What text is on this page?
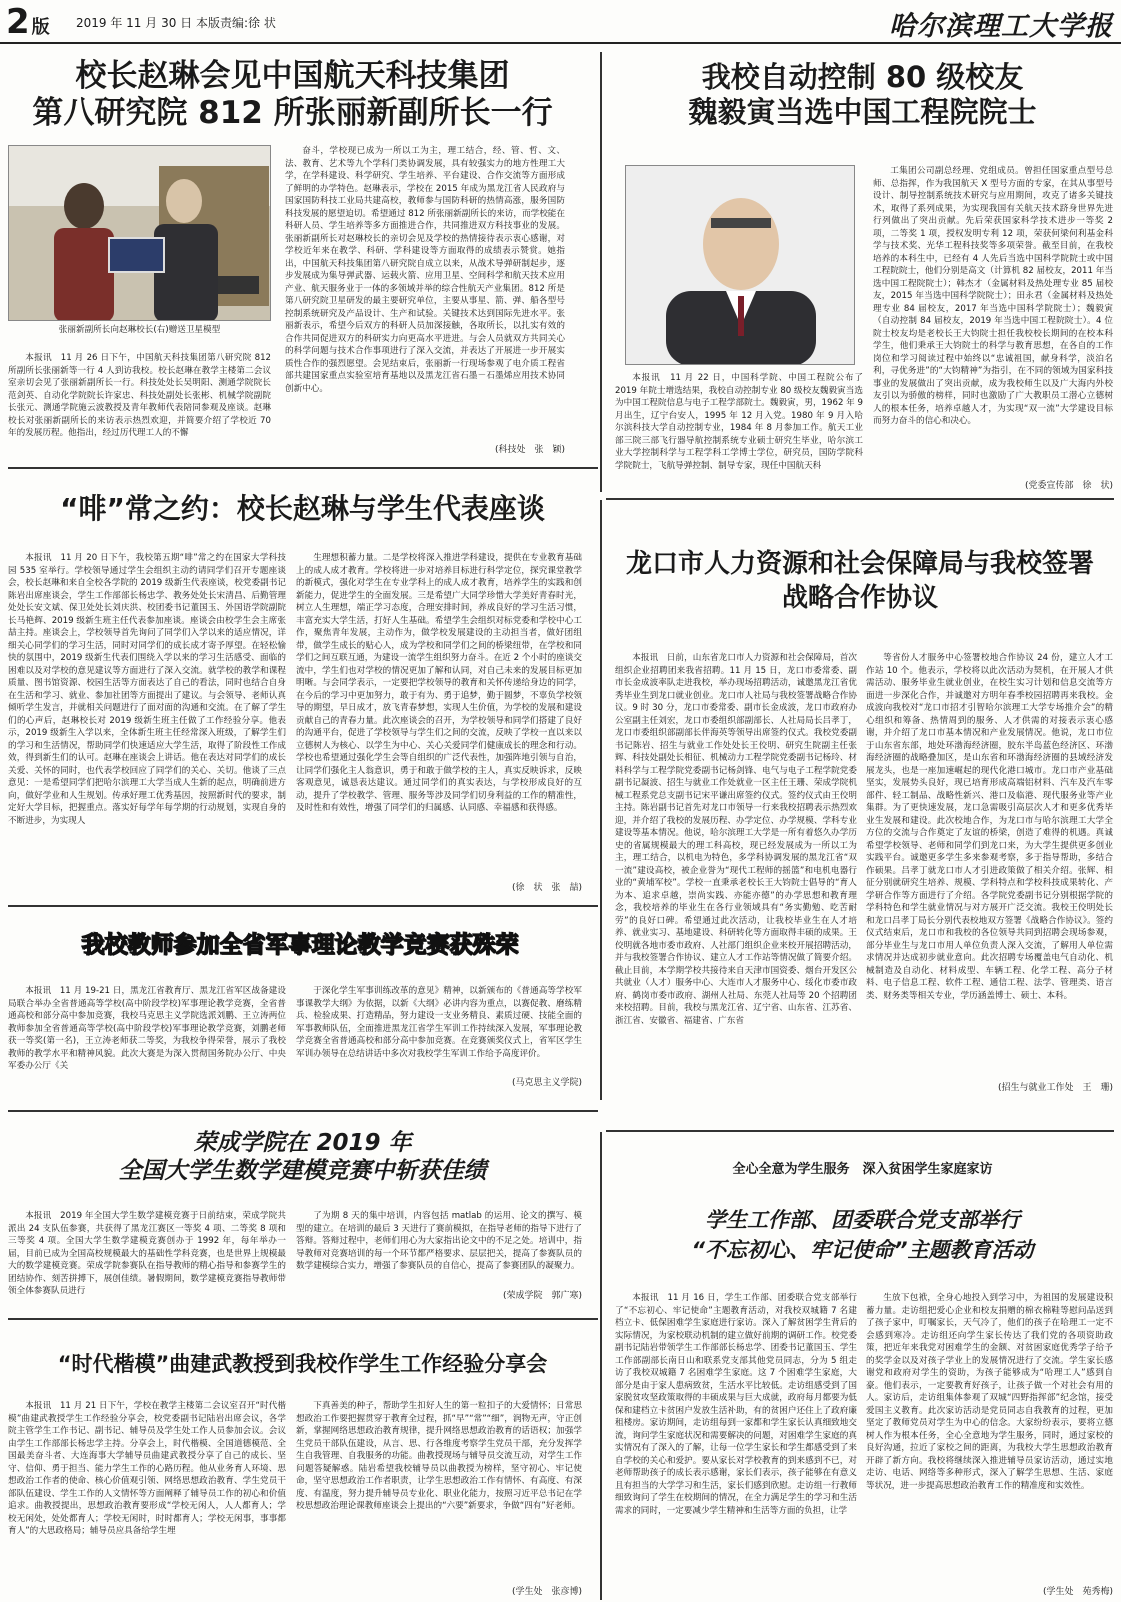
2 版 2019 年 11 月 30 日 本版责编:徐 状	哈尔滨理工大学报
校长赵琳会见中国航天科技集团
第八研究院 812 所张丽新副所长一行
张丽新副所长向赵琳校长(右)赠送卫星模型
本报讯　11 月 26 日下午，中国航天科技集团第八研究院 812 所副所长张丽新等一行 4 人到访我校。校长赵琳在教学主楼第二会议室亲切会见了张丽新副所长一行。科技处处长吴明阳、测通学院院长范剑英、自动化学院院长许家忠、科技处副处长张彬、机械学院副院长张元、测通学院施云波教授及青年教师代表陪同参观及座谈。赵琳校长对张丽新副所长的来访表示热烈欢迎，并简要介绍了学校近 70 年的发展历程。他指出，经过历代理工人的不懈
奋斗，学校现已成为一所以工为主，理工结合，经、管、哲、文、法、教育、艺术等九个学科门类协调发展，具有较强实力的地方性理工大学，在学科建设、科学研究、学生培养、平台建设、合作交流等方面形成了鲜明的办学特色。赵琳表示，学校在 2015 年成为黑龙江省人民政府与国家国防科技工业局共建高校，教师参与国防科研的热情高涨，服务国防科技发展的愿望迫切。希望通过 812 所张丽新副所长的来访，而学校能在科研人员、学生培养等多方面推进合作，共同推进双方科技事业的发展。张丽新副所长对赵琳校长的亲切会见及学校的热情接待表示衷心感谢，对学校近年来在教学、科研、学科建设等方面取得的成绩表示赞赏。她指出，中国航天科技集团第八研究院自成立以来，从战术导弹研制起步，逐步发展成为集导弹武器、运载火箭、应用卫星、空间科学和航天技术应用产业、航天服务业于一体的多领域并举的综合性航天产业集团。812 所是第八研究院卫星研发的最主要研究单位，主要从事星、箭、弹、船各型号控制系统研究及产品设计、生产和试验。关键技术达到国际先进水平。张丽新表示，希望今后双方的科研人员加深接触，各取所长，以扎实有效的合作共同促进双方的科研实力向更高水平进进。与会人员就双方共同关心的科学问题与技术合作事项进行了深入交流，并表达了开展进一步开展实质性合作的强烈愿望。会见结束后，张丽新一行现场参观了电介质工程省部共建国家重点实验室培育基地以及黑龙江省石墨－石墨烯应用技术协同创新中心。
(科技处　张　颖)
我校自动控制 80 级校友
魏毅寅当选中国工程院院士
本报讯　11 月 22 日，中国科学院、中国工程院公布了 2019 年院士增选结果，我校自动控制专业 80 级校友魏毅寅当选为中国工程院信息与电子工程学部院士。魏毅寅，男，1962 年 9 月出生，辽宁台安人，1995 年 12 月入党。1980 年 9 月入哈尔滨科技大学自动控制专业，1984 年 8 月参加工作。航天工业部三院三部飞行器导航控制系统专业硕士研究生毕业，哈尔滨工业大学控制科学与工程学科工学博士学位，研究员，国防学院科学院院士，飞航导弹控制、制导专家，现任中国航天科
工集团公司副总经理、党组成员。曾担任国家重点型号总师、总指挥，作为我国航天 X 型号方面的专家，在其从事型号设计、制导控制系统技术研究与应用期间，攻克了诸多关键技术，取得了系列成果，为实现我国有关航天技术跻身世界先进行列做出了突出贡献。先后荣获国家科学技术进步一等奖 2 项，二等奖 1 项，授权发明专利 12 项，荣获何梁何利基金科学与技术奖、光华工程科技奖等多项荣誉。截至目前，在我校培养的本科生中，已经有 4 人先后当选中国科学院院士或中国工程院院士，他们分别是高文（计算机 82 届校友，2011 年当选中国工程院院士）；韩杰才（金属材料及热处理专业 85 届校友，2015 年当选中国科学院院士）；田永君（金属材料及热处理专业 84 届校友，2017 年当选中国科学院院士）；魏毅寅（自动控制 84 届校友，2019 年当选中国工程院院士）。4 位院士校友均是老校长王大钧院士担任我校校长期间的在校本科学生，他们秉承王大钧院士的科学与教育思想，在各自的工作岗位和学习阅读过程中始终以“忠诚祖国，献身科学，淡泊名利，寻优务进”的“大钧精神”为指引，在不同的领域为国家科技事业的发展做出了突出贡献，成为我校师生以及广大海内外校友引以为骄傲的榜样，同时也激励了广大教职员工潜心立德树人的根本任务，培养卓越人才，为实现“双一流”大学建设目标而努力奋斗的信心和决心。
(党委宣传部　徐　状)
“啡”常之约：校长赵琳与学生代表座谈
本报讯　11 月 20 日下午，我校第五期“啡”常之约在国家大学科技园 535 室举行。学校领导通过学生会组织主动约请同学们召开专题座谈会，校长赵琳和来自全校各学院的 2019 级新生代表座谈，校党委副书记陈岩出席座谈会，学生工作部部长杨忠学、教务处处长宋清昌、后勤管理处处长安文斌、保卫处处长刘庆洪、校团委书记董国玉、外国语学院副院长马艳辉、2019 级新生班主任代表参加座谈。座谈会由校学生会主席张喆主持。座谈会上，学校领导首先询问了同学们入学以来的适应情况，详细关心同学们的学习生活，同时对同学们的成长成才寄予厚望。在轻松愉快的氛围中，2019 级新生代表们围绕入学以来的学习生活感受、面临的困难以及对学校的意见建议等方面进行了深入交流。就学校的教学和课程质量、图书馆资源、校园生活等方面表达了自己的看法，同时也结合自身在生活和学习、就业、参加社团等方面提出了建议。与会领导、老师认真倾听学生发言，并就相关问题进行了面对面的沟通和交流。在了解了学生们的心声后，赵琳校长对 2019 级新生班主任做了工作经验分享。他表示，2019 级新生入学以来，全体新生班主任经常深入班级，了解学生们的学习和生活情况，帮助同学们快速适应大学生活，取得了阶段性工作成效，得到新生们的认可。赵琳在座谈会上讲话。他在表达对同学们的成长关爱、关怀的同时，也代表学校回应了同学们的关心、关切。他谈了三点意见：一是希望同学们把哈尔滨理工大学当成人生新的起点，明确前进方向，做好学业和人生规划。传承好理工优秀基因，按照新时代的要求，制定好大学目标，把握重点。落实好每学年每学期的行动规划，实现自身的不断进步，为实现人
生理想积蓄力量。二是学校将深入推进学科建设，提供在专业教育基础上的成人成才教育。学校将进一步对培养目标进行科学定位，探究课堂教学的新模式，强化对学生在专业学科上的成人成才教育，培养学生的实践和创新能力，促进学生的全面发展。三是希望广大同学珍惜大学美好青春时光，树立人生理想，端正学习态度，合理安排时间，养成良好的学习生活习惯，丰富充实大学生活，打好人生基础。希望学生会组织对标党委和学校中心工作，聚焦青年发展，主动作为，做学校发展建设的主动担当者，做好团组带，做学生成长的贴心人，成为学校和同学们之间的桥梁纽带，在学校和同学们之间互联互通，为建设一流学生组织努力奋斗。在近 2 个小时的座谈交流中，学生们也对学校的情况更加了解和认同，对自己未来的发展目标更加明晰。与会同学表示，一定要把学校领导的教育和关怀传递给身边的同学，在今后的学习中更加努力，敢于有为、勇于追梦，勤于圆梦，不辜负学校领导的期望，早日成才，放飞青春梦想，实现人生价值，为学校的发展和建设贡献自己的青春力量。此次座谈会的召开，为学校领导和同学们搭建了良好的沟通平台，促进了学校领导与学生们之间的交流，反映了学校一直以来以立德树人为核心、以学生为中心、关心关爱同学们健康成长的理念和行动。学校也希望通过强化学生会等自组织的广泛代表性，加强阵地引领与自治，让同学们强化主人翁意识，勇于和敢于做学校的主人，真实反映诉求，反映客观意见，诚恳表达建议。通过同学们的真实表达，与学校形成良好的互动，提升了学校教学、管理、服务等涉及同学们切身利益的工作的精准性，及时性和有效性，增强了同学们的归属感、认同感、幸福感和获得感。
(徐　状　张　喆)
龙口市人力资源和社会保障局与我校签署战略合作协议
本报讯　日前，山东省龙口市人力资源和社会保障局，首次组织企业招聘团来我省招聘。11 月 15 日，龙口市委常委、副市长金成波率队走进我校，举办现场招聘活动，诚邀黑龙江省优秀毕业生到龙口就业创业。龙口市人社局与我校签署战略合作协议。9 时 30 分，龙口市委常委、副市长金成波，龙口市政府办公室副主任刘宏，龙口市委组织部副部长、人社局局长吕孝丁，龙口市委组织部副部长伴海英等领导出席签约仪式。我校党委副书记陈岩、招生与就业工作处处长王佼明、研究生院副主任张辉、科技处副处长相征、机械动力工程学院党委副书记杨玲、材料科学与工程学院党委副书记杨剑锋、电气与电子工程学院党委副书记凝波、招生与就业工作处就业一区主任王珊、荣成学院机械工程系党总支副书记宋平谦出席签约仪式。签约仪式由王佼明主持。陈岩副书记首先对龙口市领导一行来我校招聘表示热烈欢迎，并介绍了我校的发展历程、办学定位、办学规模、学科专业建设等基本情况。他说，哈尔滨理工大学是一所有着悠久办学历史的省属规模最大的理工科高校，现已经发展成为一所以工为主，理工结合，以机电为特色，多学科协调发展的黑龙江省“双一流”建设高校，被企业誉为“现代工程师的摇篮”和电机电器行业的“黄埔军校”。学校一直秉承老校长王大钧院士倡导的“育人为本、追求卓越，崇尚实践、亦能亦德”的办学思想和教育理念，我校培养的毕业生在各行业领域具有“务实勤勉、吃苦耐劳”的良好口碑。希望通过此次活动，让我校毕业生在人才培养、就业实习、基地建设、科研转化等方面取得丰硕的成果。王佼明就各地市委市政府、人社部门组织企业来校开展招聘活动，并与我校签署合作协议、建立人才工作站等情况做了简要介绍。截止目前，本学期学校共接待来自天津市国资委、烟台开发区公共就业（人才）服务中心、大连市人才服务中心、绥化市委市政府、鹤岗市委市政府、湖州人社局、东莞人社局等 20 个招聘团来校招聘。目前，我校与黑龙江省、辽宁省、山东省、江苏省、浙江省、安徽省、福建省、广东省
等省份人才服务中心签署校地合作协议 24 份，建立人才工作站 10 个。他表示，学校将以此次活动为契机，在开展人才供需活动、服务毕业生就业创业，在校生实习计划和信息交流等方面进一步深化合作，并诚邀对方明年春季校园招聘再来我校。金成波向我校对“龙口市招才引智哈尔滨理工大学专场推介会”的精心组织和筹备、热情周到的服务、人才供需的对接表示衷心感谢，并介绍了龙口市基本情况和产业发展情况。他说，龙口市位于山东省东部，地处环渤海经济圈，胶东半岛蓝色经济区、环渤海经济圈的战略叠加区，是山东省和环渤海经济圈的县域经济发展龙头，也是一座加速崛起的现代化港口城市。龙口市产业基础坚实，发展势头良好，现已培育形成高端铝材料、汽车及汽车零部件、轻工制品、战略性新兴、港口及临港、现代服务业等产业集群。为了更快速发展，龙口急需吸引高层次人才和更多优秀毕业生发展和建设。此次校地合作，为龙口市与哈尔滨理工大学全方位的交流与合作奠定了友谊的桥梁，创造了难得的机遇。真诚希望学校领导、老师和同学们到龙口来，为大学生提供更多创业实践平台。诚邀更多学生多来参观考察，多于指导帮助，多结合作硕果。吕孝丁就龙口市人才引进政策做了相关介绍。张辉、相征分别就研究生培养、规模、学科特点和学校科技成果转化、产学研合作等方面进行了介绍。各学院党委副书记分别根据学院的学科特色和学生就业情况与对方展开广泛交流。我校王佼明处长和龙口吕孝丁局长分别代表校地双方签署《战略合作协议》。签约仪式结束后，龙口市和我校的各位领导共同到招聘会现场参观，部分毕业生与龙口市用人单位负责人深入交流，了解用人单位需求情况并达成初步就业意向。此次招聘专场覆盖电气自动化、机械制造及自动化、材料成型、车辆工程、化学工程、高分子材料、电子信息工程、软件工程、通信工程、法学、管理类、语言类、财务类等相关专业，学历涵盖博士、硕士、本科。
(招生与就业工作处　王　珊)
我校教师参加全省军事理论教学竞赛获殊荣
本报讯　11 月 19-21 日，黑龙江省教育厅、黑龙江省军区战备建设局联合举办全省普通高等学校(高中阶段学校)军事理论教学竞赛，全省普通高校和部分高中参加竞赛，我校马克思主义学院选派刘鹏、王立涛两位教师参加全省普通高等学校(高中阶段学校)军事理论教学竞赛，刘鹏老师获一等奖(第一名)，王立涛老师获二等奖，为我校争得荣誉，展示了我校教师的教学水平和精神风貌。此次大赛是为深入贯彻国务院办公厅、中央军委办公厅《关
于深化学生军事训练改革的意见》精神，以新颁布的《普通高等学校军事课教学大纲》为依据，以新《大纲》必讲内容为重点，以赛促教、磨练精兵、检验成果、打造精品，努力建设一支业务精良、素质过硬、技能全面的军事教师队伍，全面推进黑龙江省学生军训工作持续深入发展，军事理论教学竞赛全省普通高校和部分高中参加竞赛。在竞赛颁奖仪式上，省军区学生军训办领导在总结讲话中多次对我校学生军训工作给予高度评价。
(马克思主义学院)
荣成学院在 2019 年
全国大学生数学建模竞赛中斩获佳绩
本报讯　2019 年全国大学生数学建模竞赛于日前结束，荣成学院共派出 24 支队伍参赛，共获得了黑龙江赛区一等奖 4 项、二等奖 8 项和三等奖 4 项。全国大学生数学建模竞赛创办于 1992 年，每年举办一届，目前已成为全国高校规模最大的基础性学科竞赛，也是世界上规模最大的数学建模竞赛。荣成学院参赛队在指导教师的精心指导和参赛学生的团结协作、刻苦拼搏下，展创佳绩。暑假期间，数学建模竞赛指导教师带领全体参赛队员进行
了为期 8 天的集中培训，内容包括 matlab 的运用、论文的撰写、模型的建立。在培训的最后 3 天进行了赛前模拟，在指导老师的指导下进行了答辩。答辩过程中，老师们用心为大家指出论文中的不足之处。培训中，指导教师对竞赛培训的每一个环节都严格要求、层层把关，提高了参赛队员的数学建模综合实力，增强了参赛队员的自信心，提高了参赛团队的凝聚力。
(荣成学院　郭广寒)
“时代楷模”曲建武教授到我校作学生工作经验分享会
本报讯　11 月 21 日下午，学校在教学主楼第二会议室召开“时代楷模”曲建武教授学生工作经验分享会，校党委副书记陆岩出席会议，各学院主管学生工作书记、副书记、辅导员及学生处工作人员参加会议。会议由学生工作部部长杨忠学主持。分享会上，时代楷模、全国道德模范、全国最美奋斗者、大连海事大学辅导员曲建武教授分享了自己的成长、坚守、信仰、勇于担当、能力学生工作的心路历程。他从业务育人环境、思想政治工作者的使命、核心价值观引领、网络思想政治教育、学生党员干部队伍建设、学生工作的人文情怀等方面阐释了辅导员工作的初心和价值追求。曲教授提出，思想政治教育要形成“学校无闲人，人人都育人；学校无闲处，处处都育人；学校无闲时，时时都育人；学校无闲事，事事都育人”的大思政格局；辅导员应具备给学生埋
下真善美的种子，帮助学生扣好人生的第一粒扣子的大爱情怀；日常思想政治工作要把握贯穿于教育全过程，抓“早”“常”“细”，润物无声，守正创新，掌握网络思想政治教育规律，提升网络思想政治教育的话语权；加强学生党员干部队伍建设，从言、思、行各维度考察学生党员干部，充分发挥学生自我管理、自我服务的功能。曲教授现场与辅导员交流互动，对学生工作问题答疑解惑。陆岩希望我校辅导员以曲教授为榜样，坚守初心、牢记使命，坚守思想政治工作者职责，让学生思想政治工作有情怀、有高度、有深度、有温度，努力提升辅导员专业化、职业化能力，按照习近平总书记在学校思想政治理论课教师座谈会上提出的“六要”新要求，争做“四有”好老师。
(学生处　张彦博)
全心全意为学生服务　深入贫困学生家庭家访
学生工作部、团委联合党支部举行
“不忘初心、牢记使命”主题教育活动
本报讯　11 月 16 日，学生工作部、团委联合党支部举行了“不忘初心、牢记使命”主题教育活动，对我校双城籍 7 名建档立卡、低保困难学生家庭进行家访。深入了解贫困学生背后的实际情况，为家校联动机制的建立做好前期的调研工作。校党委副书记陆岩带领学生工作部部长杨忠学、团委书记董国玉、学生工作部副部长南日山和联系党支部其他党员同志，分为 5 组走访了我校双城籍 7 名困难学生家庭。这 7 个困难学生家庭，大部分是由于家人患病致贫，生活水平比较低。走访组感受到了国家脱贫攻坚政策取得的丰硕成果与巨大成就，政府每月都要为低保和建档立卡贫困户发放生活补助，有的贫困户还住上了政府廉租楼房。家访期间，走访组每到一家都和学生家长认真细致地交流，询问学生家庭状况和需要解决的问题，对困难学生家庭的真实情况有了深入的了解，让每一位学生家长和学生都感受到了来自学校的关心和爱护。要从家长对学校教育的到来感到不已，对老师帮助孩子的成长表示感谢，家长们表示，孩子能够在有意义且有担当的大学学习和生活，家长们感到欣慰。走访组一行教师细致询问了学生在校期间的情况，在全力满足学生的学习和生活需求的同时，一定要减少学生精神和生活等方面的负担，让学
生放下包袱，全身心地投入到学习中，为祖国的发展建设积蓄力量。走访组把爱心企业和校友捐赠的棉衣棉鞋等慰问品送到了孩子家中，叮嘱家长，天气冷了，他们的孩子在哈理工一定不会感到寒冷。走访组还向学生家长传达了我们党的各项资助政策，把近年来我党对困难学生的金额、对贫困家庭优秀学子给予的奖学金以及对孩子学业上的发展情况进行了交流。学生家长感谢党和政府对学生的资助，为孩子能够成为“哈理工人”感到自豪。他们表示，一定要教育好孩子，让孩子做一个对社会有用的人。家访后，走访组集体参观了双城“四野指挥部”纪念馆，接受爱国主义教育。此次家访活动是党员同志自我教育的过程，更加坚定了教师党员对学生为中心的信念。大家纷纷表示，要将立德树人作为根本任务，全心全意地为学生服务，同时，通过家校的良好沟通，拉近了家校之间的距离，为我校大学生思想政治教育开辟了新方向。我校将继续深入推进辅导员家访活动，通过实地走访、电话、网络等多种形式，深入了解学生思想、生活、家庭等状况，进一步提高思想政治教育工作的精准度和实效性。
(学生处　苑秀梅)
